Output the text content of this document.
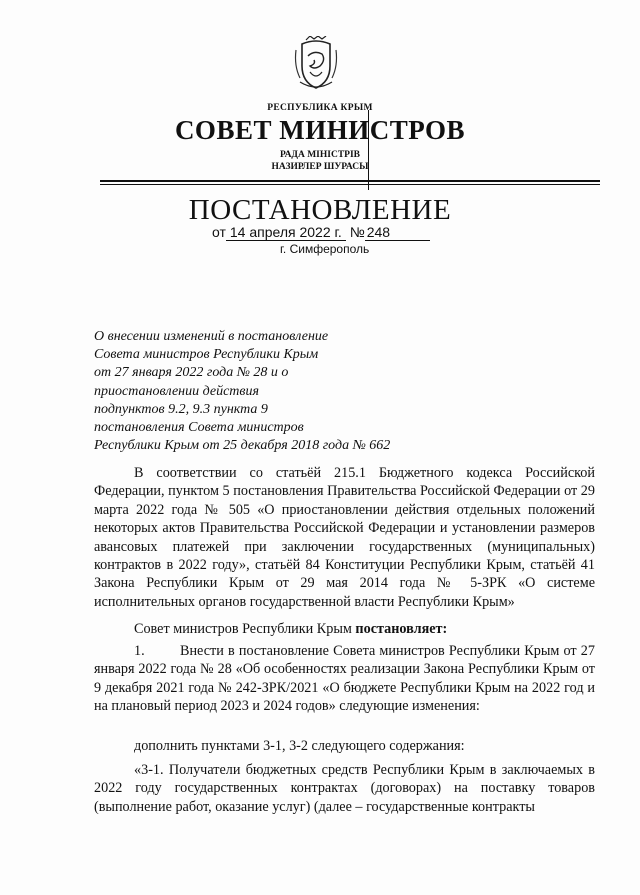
РЕСПУБЛИКА КРЫМ
СОВЕТ МИНИСТРОВ
РАДА МІНІСТРІВ
НАЗИРЛЕР ШУРАСЫ
ПОСТАНОВЛЕНИЕ
от 14 апреля 2022 г. № 248
г. Симферополь
О внесении изменений в постановление
Совета министров Республики Крым
от 27 января 2022 года № 28 и о
приостановлении действия
подпунктов 9.2, 9.3 пункта 9
постановления Совета министров
Республики Крым от 25 декабря 2018 года № 662
В соответствии со статьёй 215.1 Бюджетного кодекса Российской Федерации, пунктом 5 постановления Правительства Российской Федерации от 29 марта 2022 года № 505 «О приостановлении действия отдельных положений некоторых актов Правительства Российской Федерации и установлении размеров авансовых платежей при заключении государственных (муниципальных) контрактов в 2022 году», статьёй 84 Конституции Республики Крым, статьёй 41 Закона Республики Крым от 29 мая 2014 года № 5-ЗРК «О системе исполнительных органов государственной власти Республики Крым»
Совет министров Республики Крым постановляет:
1. Внести в постановление Совета министров Республики Крым от 27 января 2022 года № 28 «Об особенностях реализации Закона Республики Крым от 9 декабря 2021 года № 242-ЗРК/2021 «О бюджете Республики Крым на 2022 год и на плановый период 2023 и 2024 годов» следующие изменения:
дополнить пунктами 3-1, 3-2 следующего содержания:
«3-1. Получатели бюджетных средств Республики Крым в заключаемых в 2022 году государственных контрактах (договорах) на поставку товаров (выполнение работ, оказание услуг) (далее – государственные контракты
